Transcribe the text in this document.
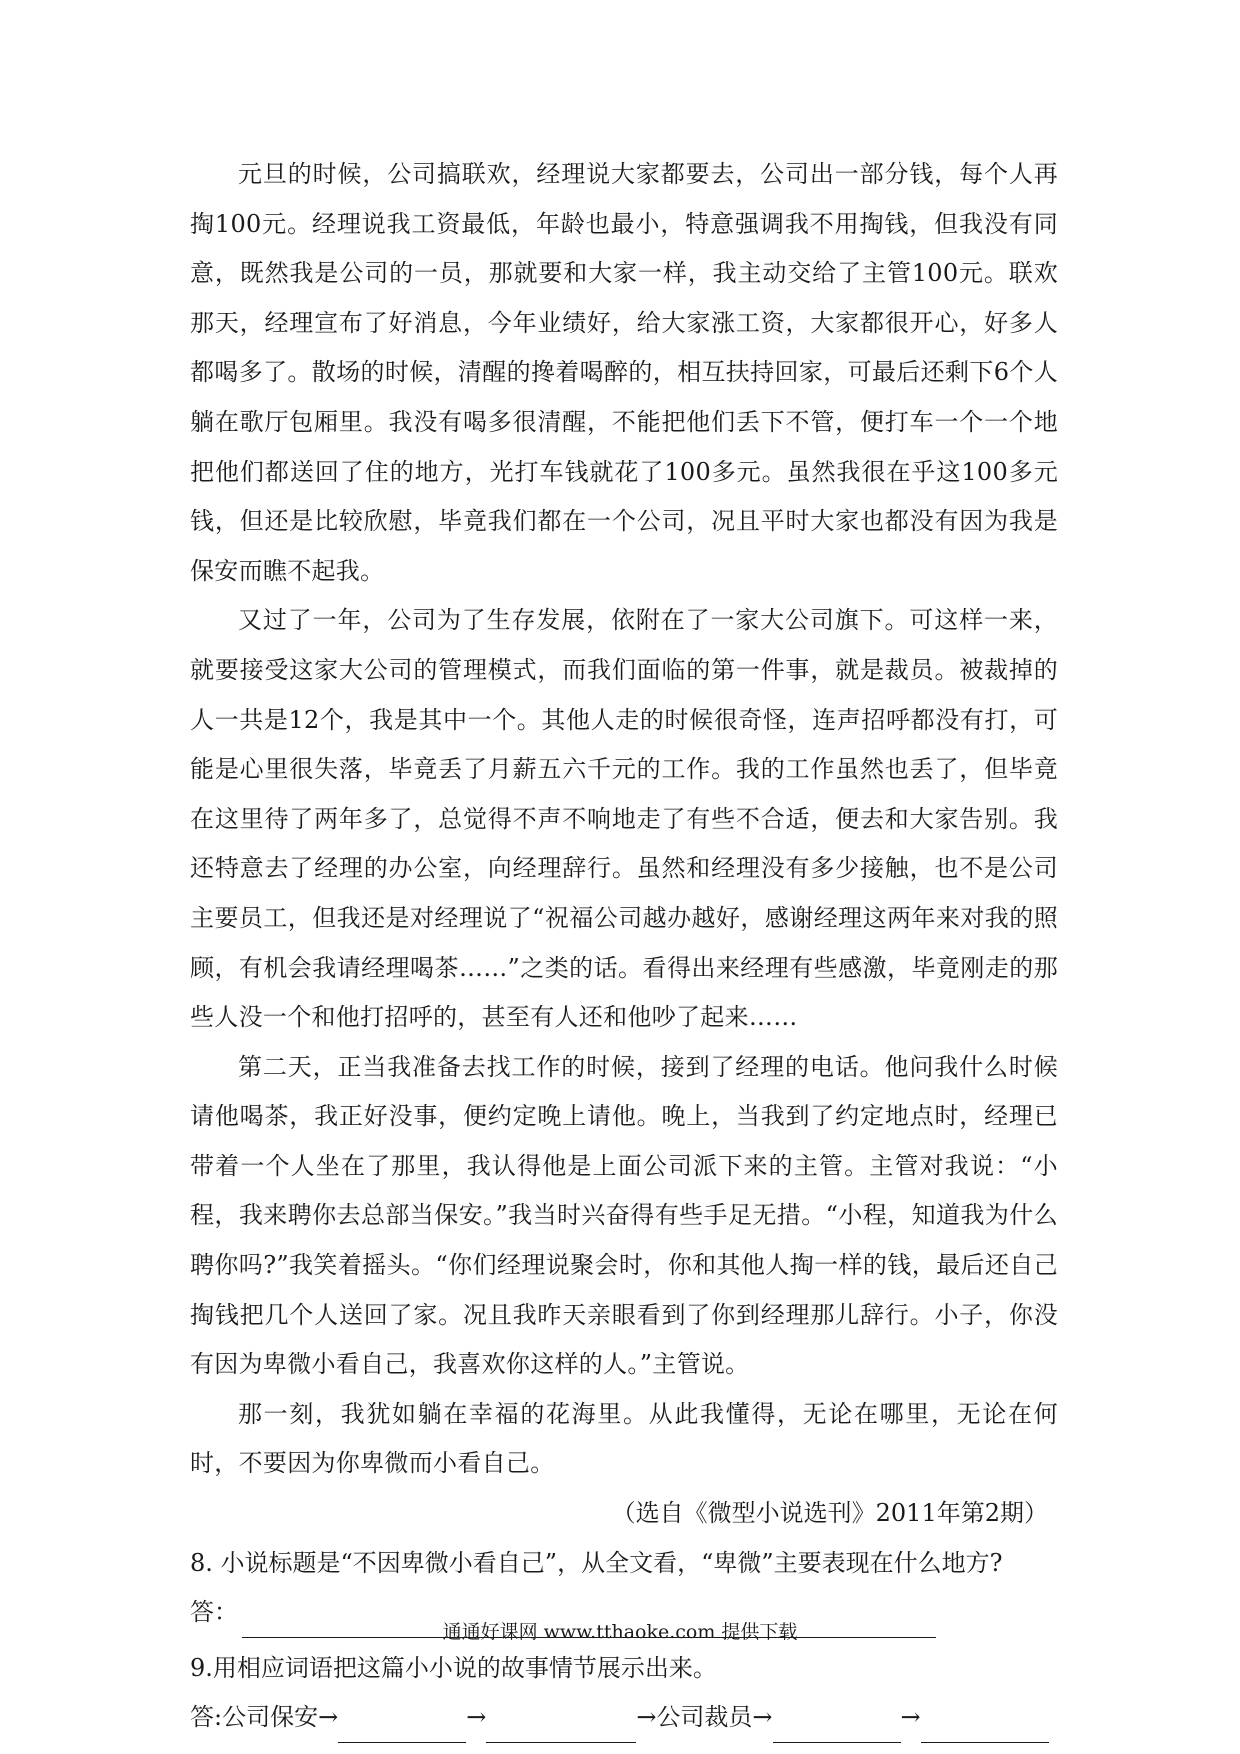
元旦的时候，公司搞联欢，经理说大家都要去，公司出一部分钱，每个人再掏100元。经理说我工资最低，年龄也最小，特意强调我不用掏钱，但我没有同意，既然我是公司的一员，那就要和大家一样，我主动交给了主管100元。联欢那天，经理宣布了好消息，今年业绩好，给大家涨工资，大家都很开心，好多人都喝多了。散场的时候，清醒的搀着喝醉的，相互扶持回家，可最后还剩下6个人躺在歌厅包厢里。我没有喝多很清醒，不能把他们丢下不管，便打车一个一个地把他们都送回了住的地方，光打车钱就花了100多元。虽然我很在乎这100多元钱，但还是比较欣慰，毕竟我们都在一个公司，况且平时大家也都没有因为我是保安而瞧不起我。

又过了一年，公司为了生存发展，依附在了一家大公司旗下。可这样一来，就要接受这家大公司的管理模式，而我们面临的第一件事，就是裁员。被裁掉的人一共是12个，我是其中一个。其他人走的时候很奇怪，连声招呼都没有打，可能是心里很失落，毕竟丢了月薪五六千元的工作。我的工作虽然也丢了，但毕竟在这里待了两年多了，总觉得不声不响地走了有些不合适，便去和大家告别。我还特意去了经理的办公室，向经理辞行。虽然和经理没有多少接触，也不是公司主要员工，但我还是对经理说了“祝福公司越办越好，感谢经理这两年来对我的照顾，有机会我请经理喝茶……”之类的话。看得出来经理有些感激，毕竟刚走的那些人没一个和他打招呼的，甚至有人还和他吵了起来……

第二天，正当我准备去找工作的时候，接到了经理的电话。他问我什么时候请他喝茶，我正好没事，便约定晚上请他。晚上，当我到了约定地点时，经理已带着一个人坐在了那里，我认得他是上面公司派下来的主管。主管对我说：“小程，我来聘你去总部当保安。”我当时兴奋得有些手足无措。“小程，知道我为什么聘你吗?”我笑着摇头。“你们经理说聚会时，你和其他人掏一样的钱，最后还自己掏钱把几个人送回了家。况且我昨天亲眼看到了你到经理那儿辞行。小子，你没有因为卑微小看自己，我喜欢你这样的人。”主管说。

那一刻，我犹如躺在幸福的花海里。从此我懂得，无论在哪里，无论在何时，不要因为你卑微而小看自己。

（选自《微型小说选刊》2011年第2期）

8. 小说标题是“不因卑微小看自己”，从全文看，“卑微”主要表现在什么地方?

答：

9.用相应词语把这篇小小说的故事情节展示出来。

答: 公司保安 →	→	→ 公司裁员 →	→
通通好课网 www.tthaoke.com 提供下载
